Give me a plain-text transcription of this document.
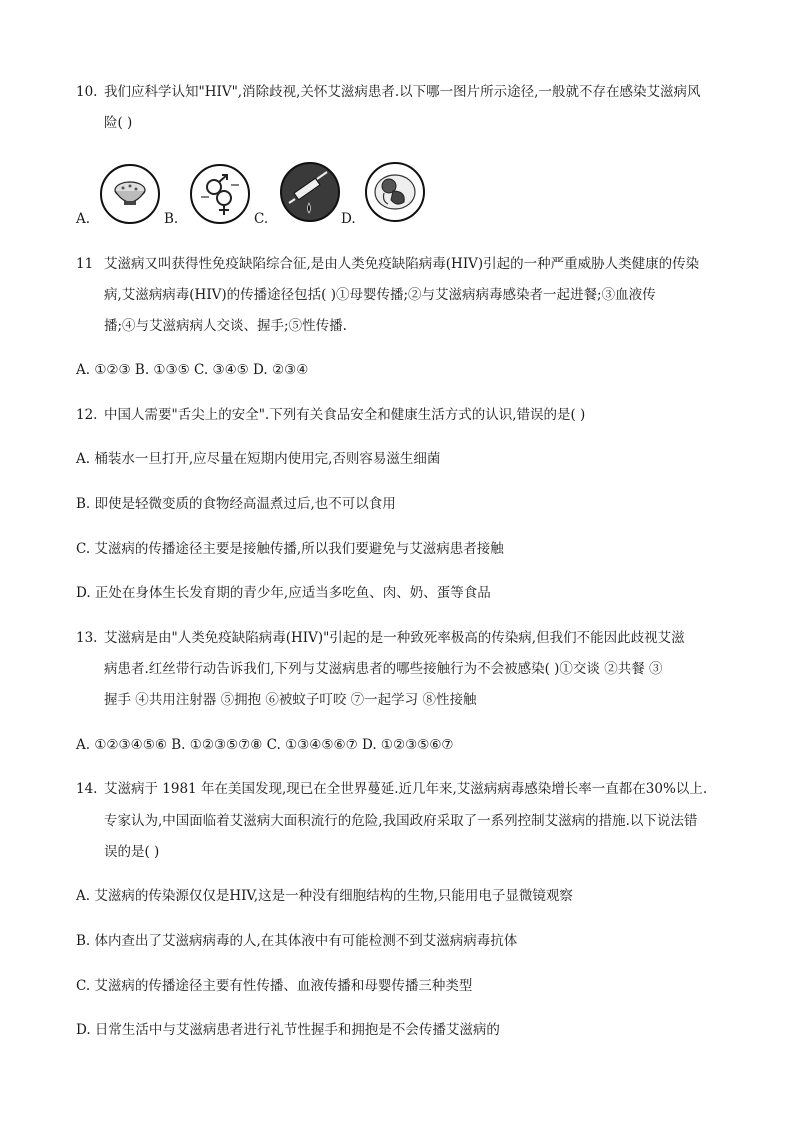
10. 我们应科学认知"HIV",消除歧视,关怀艾滋病患者.以下哪一图片所示途径,一般就不存在感染艾滋病风
险( )
A.	B.	C.	D.
11 艾滋病又叫获得性免疫缺陷综合征,是由人类免疫缺陷病毒(HIV)引起的一种严重威胁人类健康的传染
病,艾滋病病毒(HIV)的传播途径包括( )①母婴传播;②与艾滋病病毒感染者一起进餐;③血液传
播;④与艾滋病病人交谈、握手;⑤性传播.
A. ①②③ B. ①③⑤ C. ③④⑤ D. ②③④
12. 中国人需要"舌尖上的安全".下列有关食品安全和健康生活方式的认识,错误的是( )
A. 桶装水一旦打开,应尽量在短期内使用完,否则容易滋生细菌
B. 即使是轻微变质的食物经高温煮过后,也不可以食用
C. 艾滋病的传播途径主要是接触传播,所以我们要避免与艾滋病患者接触
D. 正处在身体生长发育期的青少年,应适当多吃鱼、肉、奶、蛋等食品
13. 艾滋病是由"人类免疫缺陷病毒(HIV)"引起的是一种致死率极高的传染病,但我们不能因此歧视艾滋
病患者.红丝带行动告诉我们,下列与艾滋病患者的哪些接触行为不会被感染( )①交谈 ②共餐 ③
握手 ④共用注射器 ⑤拥抱 ⑥被蚊子叮咬 ⑦一起学习 ⑧性接触
A. ①②③④⑤⑥ B. ①②③⑤⑦⑧ C. ①③④⑤⑥⑦ D. ①②③⑤⑥⑦
14. 艾滋病于 1981 年在美国发现,现已在全世界蔓延.近几年来,艾滋病病毒感染增长率一直都在30%以上.
专家认为,中国面临着艾滋病大面积流行的危险,我国政府采取了一系列控制艾滋病的措施.以下说法错
误的是( )
A. 艾滋病的传染源仅仅是HIV,这是一种没有细胞结构的生物,只能用电子显微镜观察
B. 体内查出了艾滋病病毒的人,在其体液中有可能检测不到艾滋病病毒抗体
C. 艾滋病的传播途径主要有性传播、血液传播和母婴传播三种类型
D. 日常生活中与艾滋病患者进行礼节性握手和拥抱是不会传播艾滋病的
